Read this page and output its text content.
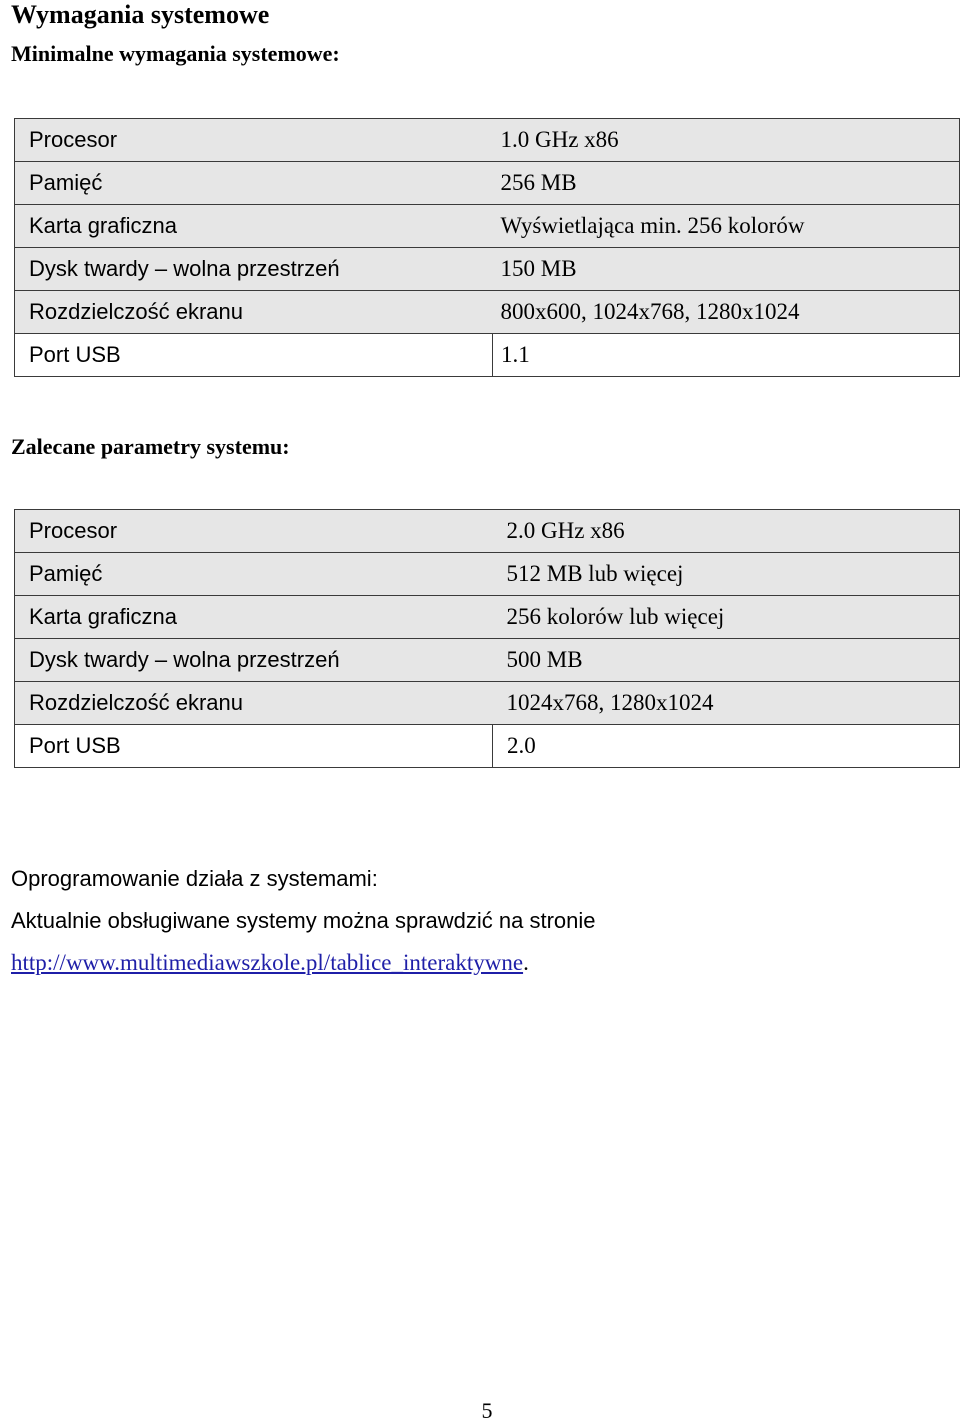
Wymagania systemowe
Minimalne wymagania systemowe:
Procesor	1.0 GHz x86
Pamięć	256 MB
Karta graficzna	Wyświetlająca min. 256 kolorów
Dysk twardy – wolna przestrzeń	150 MB
Rozdzielczość ekranu	800x600, 1024x768, 1280x1024
Port USB	1.1
Zalecane parametry systemu:
Procesor	2.0 GHz x86
Pamięć	512 MB lub więcej
Karta graficzna	256 kolorów lub więcej
Dysk twardy – wolna przestrzeń	500 MB
Rozdzielczość ekranu	1024x768, 1280x1024
Port USB	2.0

Oprogramowanie działa z systemami:

Aktualnie obsługiwane systemy można sprawdzić na stronie

http://www.multimediawszkole.pl/tablice_interaktywne.

5
